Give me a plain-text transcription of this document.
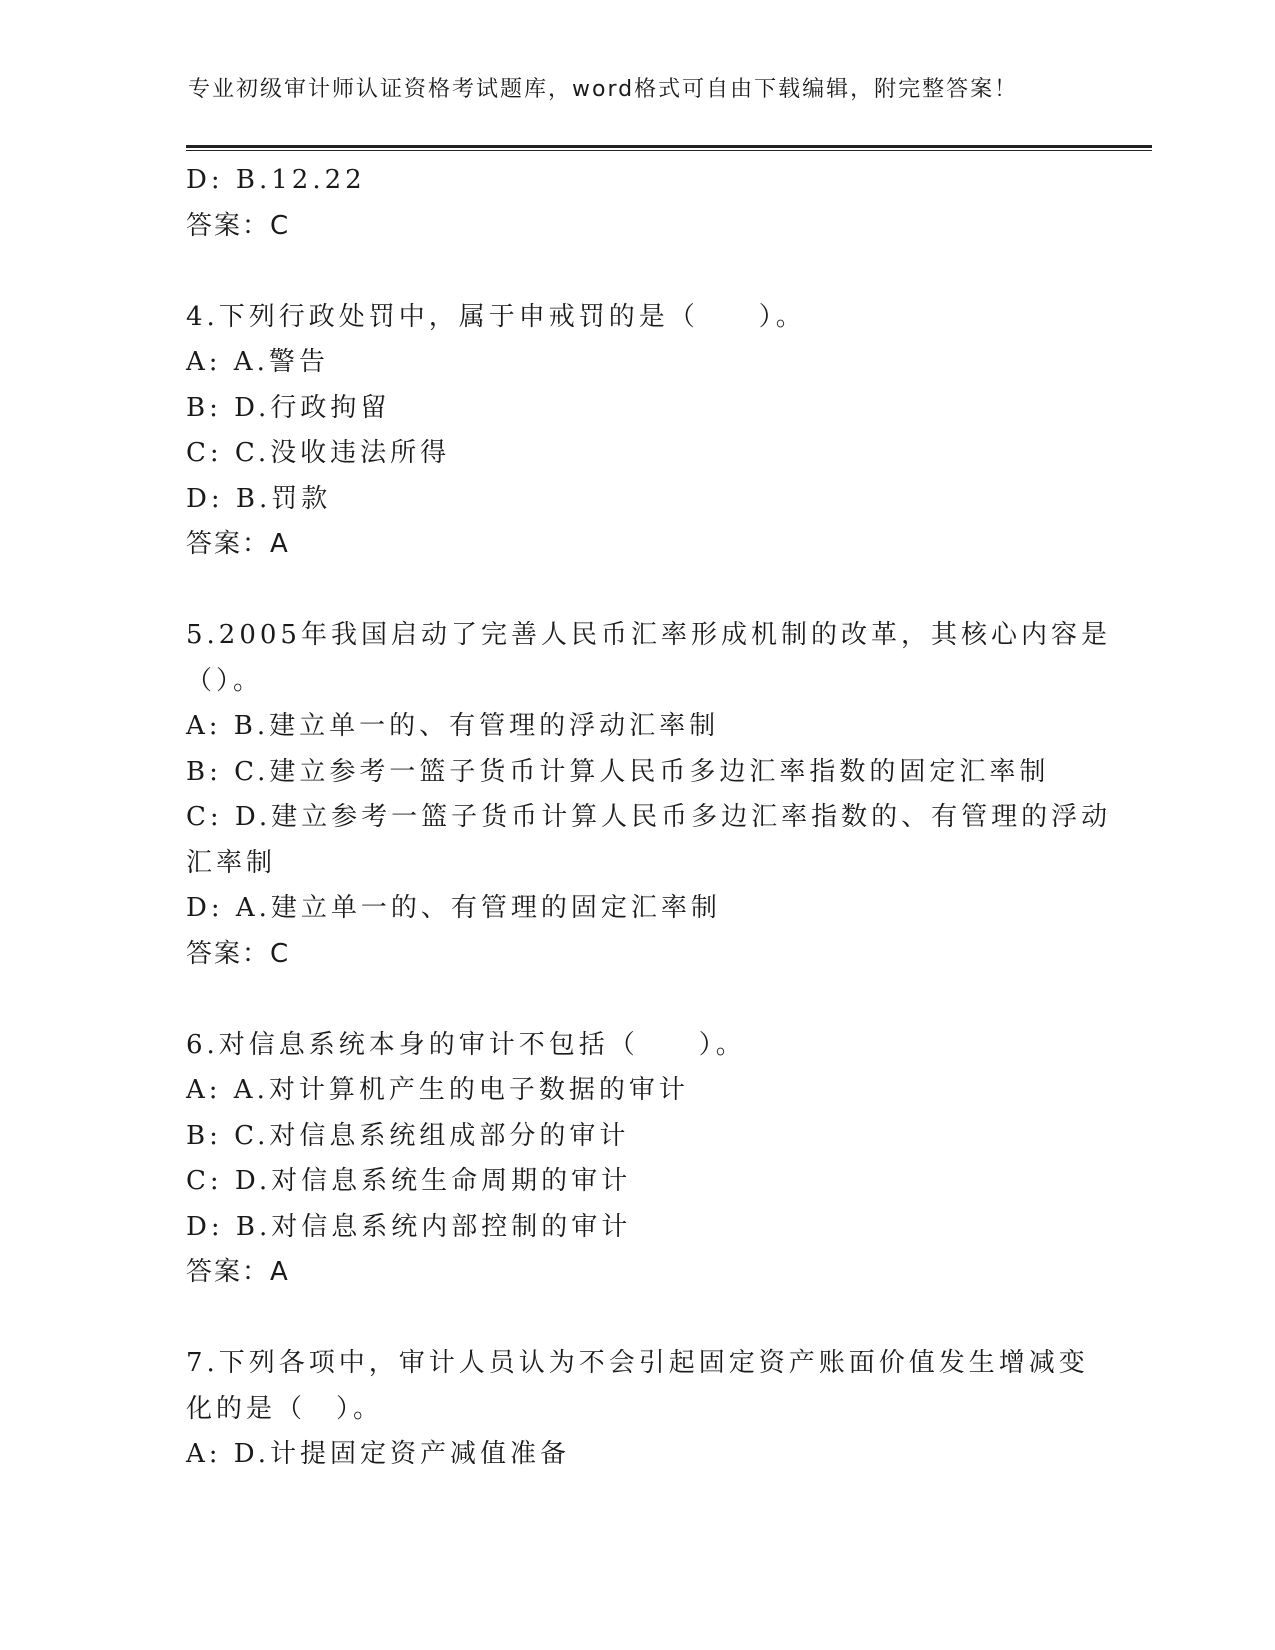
专业初级审计师认证资格考试题库，word格式可自由下载编辑，附完整答案！
D: B.12.22
答案：C
4.下列行政处罚中，属于申戒罚的是（　　）。
A: A.警告
B: D.行政拘留
C: C.没收违法所得
D: B.罚款
答案：A
5.2005年我国启动了完善人民币汇率形成机制的改革，其核心内容是
（）。
A: B.建立单一的、有管理的浮动汇率制
B: C.建立参考一篮子货币计算人民币多边汇率指数的固定汇率制
C: D.建立参考一篮子货币计算人民币多边汇率指数的、有管理的浮动
汇率制
D: A.建立单一的、有管理的固定汇率制
答案：C
6.对信息系统本身的审计不包括（　　）。
A: A.对计算机产生的电子数据的审计
B: C.对信息系统组成部分的审计
C: D.对信息系统生命周期的审计
D: B.对信息系统内部控制的审计
答案：A
7.下列各项中，审计人员认为不会引起固定资产账面价值发生增减变
化的是（　）。
A: D.计提固定资产减值准备
